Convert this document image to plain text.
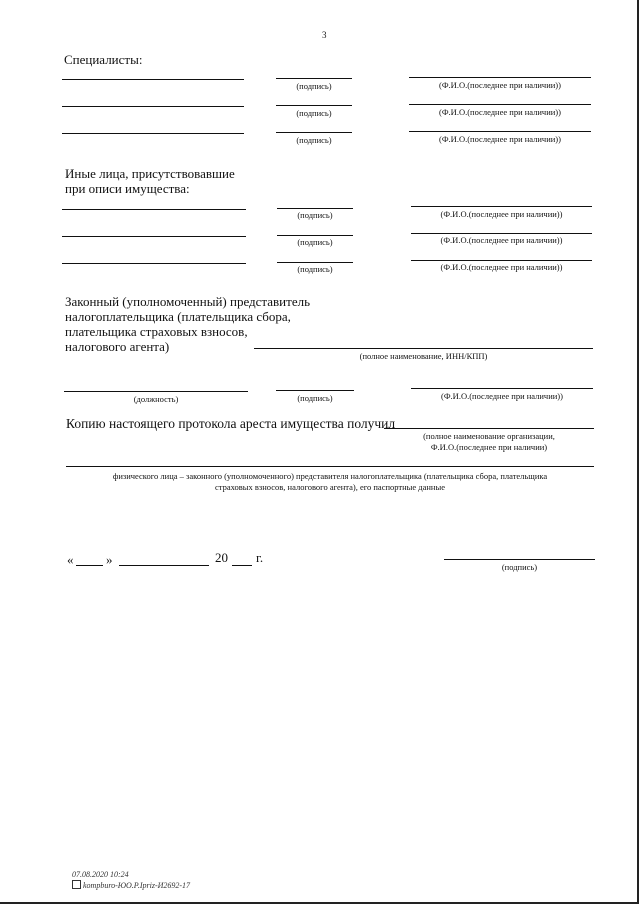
3
Специалисты:
(подпись)	(Ф.И.О.(последнее при наличии))
(подпись)	(Ф.И.О.(последнее при наличии))
(подпись)	(Ф.И.О.(последнее при наличии))
Иные лица, присутствовавшие
при описи имущества:
(подпись)	(Ф.И.О.(последнее при наличии))
(подпись)	(Ф.И.О.(последнее при наличии))
(подпись)	(Ф.И.О.(последнее при наличии))
Законный (уполномоченный) представитель
налогоплательщика (плательщика сбора,
плательщика страховых взносов,
налогового агента)
(полное наименование, ИНН/КПП)
(должность)	(подпись)	(Ф.И.О.(последнее при наличии))
Копию настоящего протокола ареста имущества получил
(полное наименование организации,
Ф.И.О.(последнее при наличии)
физического лица – законного (уполномоченного) представителя налогоплательщика (плательщика сбора, плательщика
страховых взносов, налогового агента), его паспортные данные
«	»	20 г.
(подпись)
07.08.2020 10:24
kompburo-ЮО.Р.Ipriz-И2692-17
